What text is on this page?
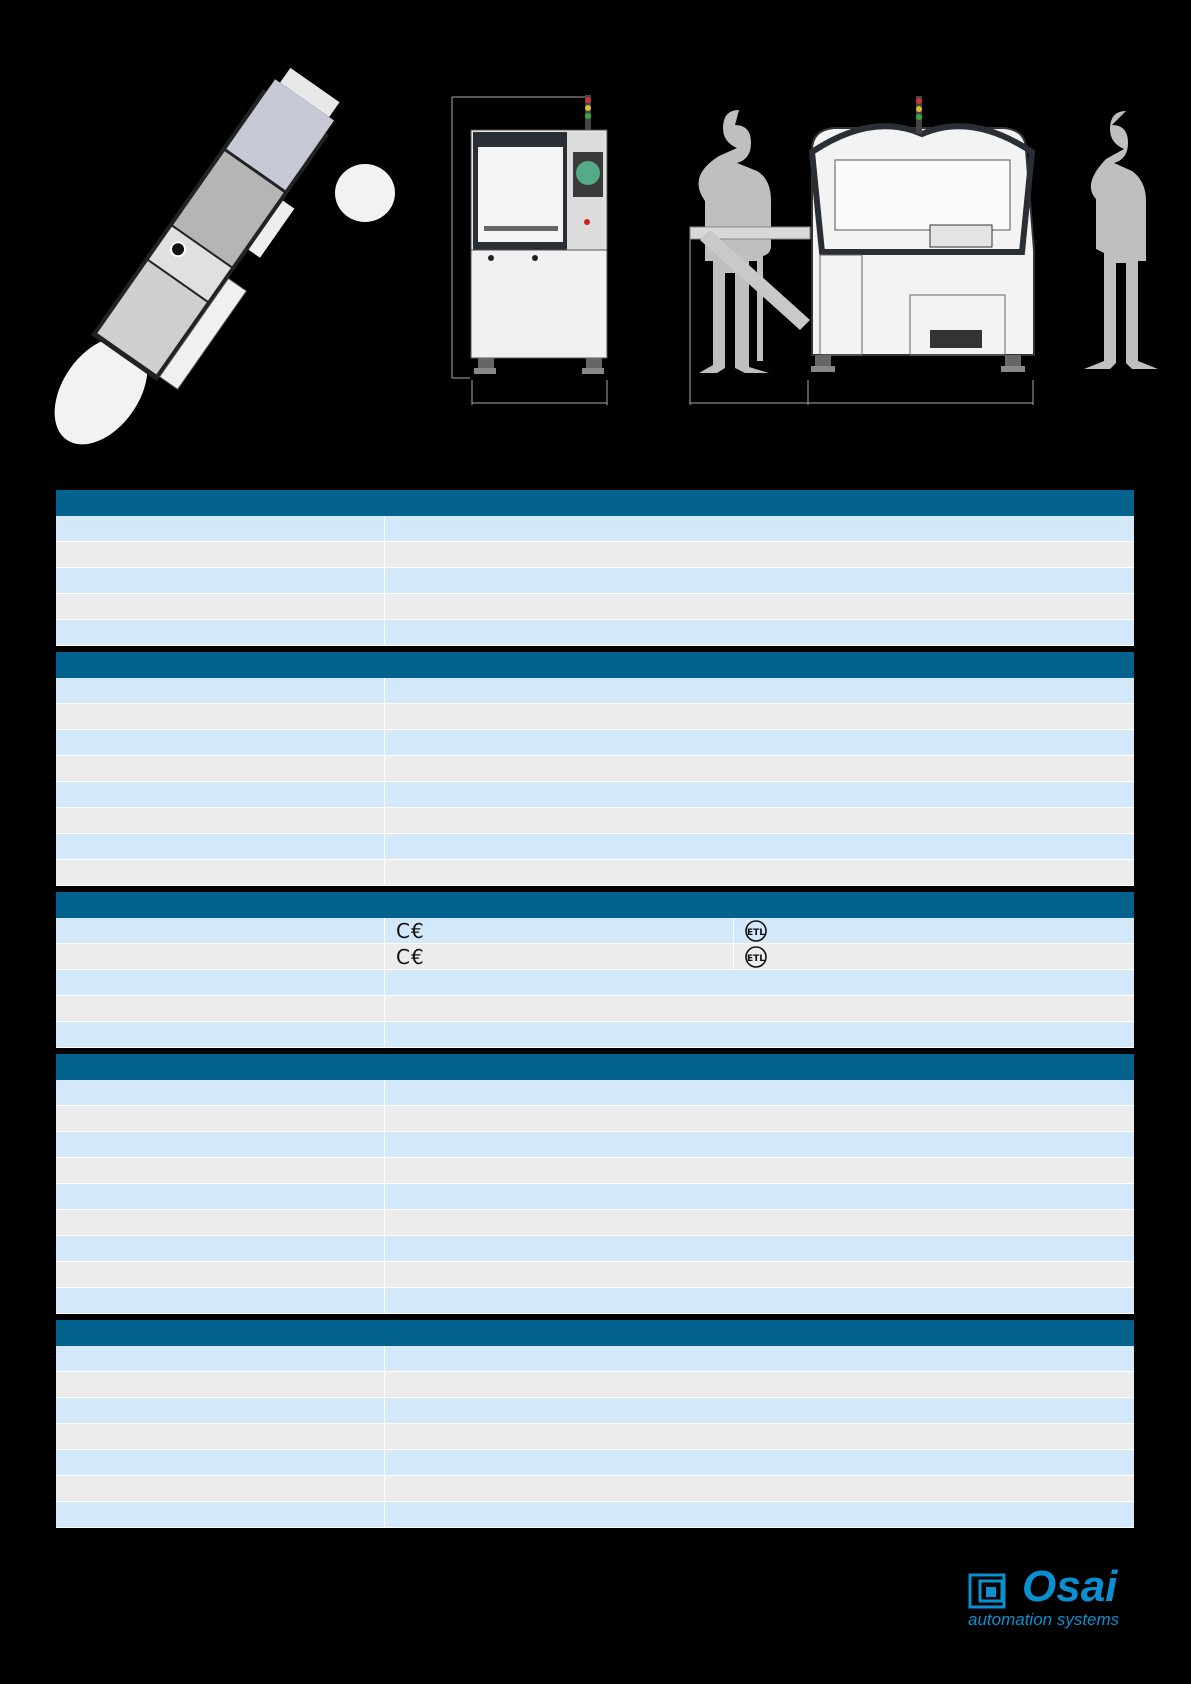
C€	ETL
C€	ETL
Osai
automation systems
